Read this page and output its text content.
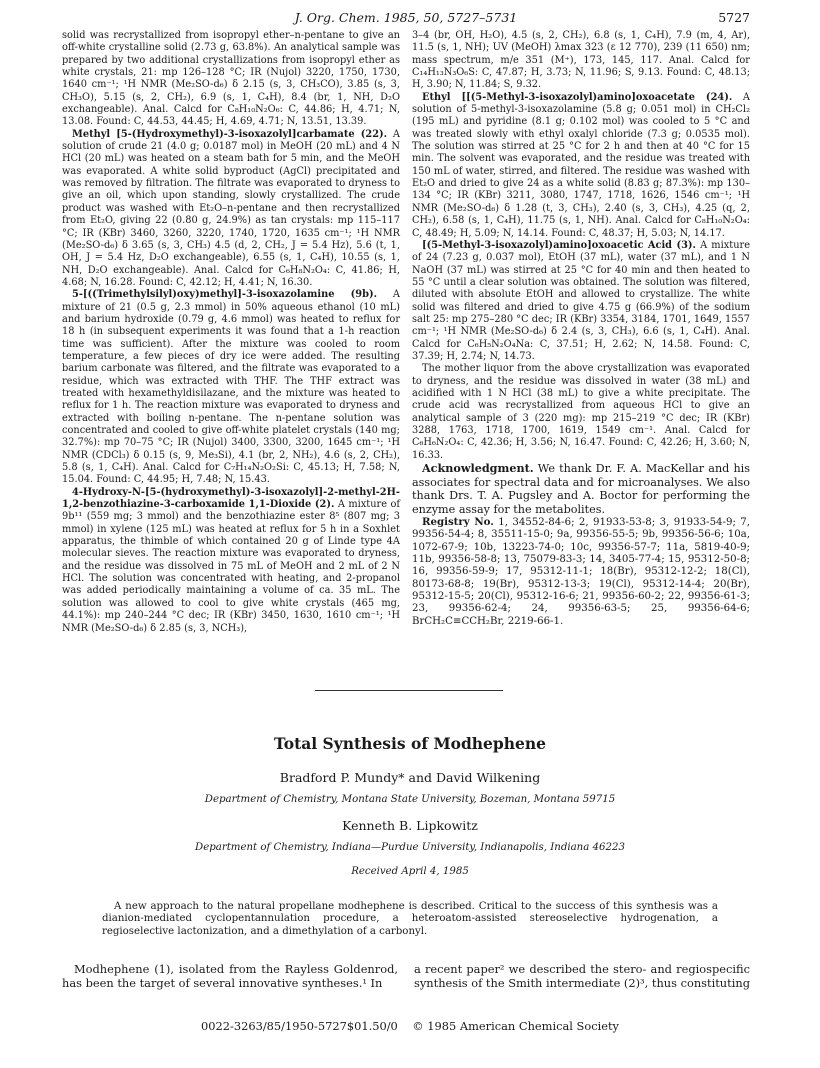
J. Org. Chem. 1985, 50, 5727–5731	5727

solid was recrystallized from isopropyl ether–n-pentane to give an off-white crystalline solid (2.73 g, 63.8%). An analytical sample was prepared by two additional crystallizations from isopropyl ether as white crystals, 21: mp 126–128 °C; IR (Nujol) 3220, 1750, 1730, 1640 cm⁻¹; ¹H NMR (Me₂SO-d₆) δ 2.15 (s, 3, CH₃CO), 3.85 (s, 3, CH₃O), 5.15 (s, 2, CH₂), 6.9 (s, 1, C₄H), 8.4 (br, 1, NH, D₂O exchangeable). Anal. Calcd for C₈H₁₀N₂O₆: C, 44.86; H, 4.71; N, 13.08. Found: C, 44.53, 44.45; H, 4.69, 4.71; N, 13.51, 13.39.

Methyl [5-(Hydroxymethyl)-3-isoxazolyl]carbamate (22). A solution of crude 21 (4.0 g; 0.0187 mol) in MeOH (20 mL) and 4 N HCl (20 mL) was heated on a steam bath for 5 min, and the MeOH was evaporated. A white solid byproduct (AgCl) precipitated and was removed by filtration. The filtrate was evaporated to dryness to give an oil, which upon standing, slowly crystallized. The crude product was washed with Et₂O–n-pentane and then recrystallized from Et₂O, giving 22 (0.80 g, 24.9%) as tan crystals: mp 115–117 °C; IR (KBr) 3460, 3260, 3220, 1740, 1720, 1635 cm⁻¹; ¹H NMR (Me₂SO-d₆) δ 3.65 (s, 3, CH₃) 4.5 (d, 2, CH₂, J = 5.4 Hz), 5.6 (t, 1, OH, J = 5.4 Hz, D₂O exchangeable), 6.55 (s, 1, C₄H), 10.55 (s, 1, NH, D₂O exchangeable). Anal. Calcd for C₆H₈N₂O₄: C, 41.86; H, 4.68; N, 16.28. Found: C, 42.12; H, 4.41; N, 16.30.

5-[((Trimethylsilyl)oxy)methyl]-3-isoxazolamine (9b). A mixture of 21 (0.5 g, 2.3 mmol) in 50% aqueous ethanol (10 mL) and barium hydroxide (0.79 g, 4.6 mmol) was heated to reflux for 18 h (in subsequent experiments it was found that a 1-h reaction time was sufficient). After the mixture was cooled to room temperature, a few pieces of dry ice were added. The resulting barium carbonate was filtered, and the filtrate was evaporated to a residue, which was extracted with THF. The THF extract was treated with hexamethyldisilazane, and the mixture was heated to reflux for 1 h. The reaction mixture was evaporated to dryness and extracted with boiling n-pentane. The n-pentane solution was concentrated and cooled to give off-white platelet crystals (140 mg; 32.7%): mp 70–75 °C; IR (Nujol) 3400, 3300, 3200, 1645 cm⁻¹; ¹H NMR (CDCl₃) δ 0.15 (s, 9, Me₃Si), 4.1 (br, 2, NH₂), 4.6 (s, 2, CH₂), 5.8 (s, 1, C₄H). Anal. Calcd for C₇H₁₄N₂O₂Si: C, 45.13; H, 7.58; N, 15.04. Found: C, 44.95; H, 7.48; N, 15.43.

4-Hydroxy-N-[5-(hydroxymethyl)-3-isoxazolyl]-2-methyl-2H-1,2-benzothiazine-3-carboxamide 1,1-Dioxide (2). A mixture of 9b¹¹ (559 mg; 3 mmol) and the benzothiazine ester 8⁵ (807 mg; 3 mmol) in xylene (125 mL) was heated at reflux for 5 h in a Soxhlet apparatus, the thimble of which contained 20 g of Linde type 4A molecular sieves. The reaction mixture was evaporated to dryness, and the residue was dissolved in 75 mL of MeOH and 2 mL of 2 N HCl. The solution was concentrated with heating, and 2-propanol was added periodically maintaining a volume of ca. 35 mL. The solution was allowed to cool to give white crystals (465 mg, 44.1%): mp 240–244 °C dec; IR (KBr) 3450, 1630, 1610 cm⁻¹; ¹H NMR (Me₂SO-d₆) δ 2.85 (s, 3, NCH₃),

3–4 (br, OH, H₂O), 4.5 (s, 2, CH₂), 6.8 (s, 1, C₄H), 7.9 (m, 4, Ar), 11.5 (s, 1, NH); UV (MeOH) λmax 323 (ε 12 770), 239 (11 650) nm; mass spectrum, m/e 351 (M⁺), 173, 145, 117. Anal. Calcd for C₁₄H₁₃N₃O₆S: C, 47.87; H, 3.73; N, 11.96; S, 9.13. Found: C, 48.13; H, 3.90; N, 11.84; S, 9.32.

Ethyl [[(5-Methyl-3-isoxazolyl)amino]oxoacetate (24). A solution of 5-methyl-3-isoxazolamine (5.8 g; 0.051 mol) in CH₂Cl₂ (195 mL) and pyridine (8.1 g; 0.102 mol) was cooled to 5 °C and was treated slowly with ethyl oxalyl chloride (7.3 g; 0.0535 mol). The solution was stirred at 25 °C for 2 h and then at 40 °C for 15 min. The solvent was evaporated, and the residue was treated with 150 mL of water, stirred, and filtered. The residue was washed with Et₂O and dried to give 24 as a white solid (8.83 g; 87.3%): mp 130–134 °C; IR (KBr) 3211, 3080, 1747, 1718, 1626, 1546 cm⁻¹; ¹H NMR (Me₂SO-d₆) δ 1.28 (t, 3, CH₃), 2.40 (s, 3, CH₃), 4.25 (q, 2, CH₂), 6.58 (s, 1, C₄H), 11.75 (s, 1, NH). Anal. Calcd for C₈H₁₀N₂O₄: C, 48.49; H, 5.09; N, 14.14. Found: C, 48.37; H, 5.03; N, 14.17.

[(5-Methyl-3-isoxazolyl)amino]oxoacetic Acid (3). A mixture of 24 (7.23 g, 0.037 mol), EtOH (37 mL), water (37 mL), and 1 N NaOH (37 mL) was stirred at 25 °C for 40 min and then heated to 55 °C until a clear solution was obtained. The solution was filtered, diluted with absolute EtOH and allowed to crystallize. The white solid was filtered and dried to give 4.75 g (66.9%) of the sodium salt 25: mp 275–280 °C dec; IR (KBr) 3354, 3184, 1701, 1649, 1557 cm⁻¹; ¹H NMR (Me₂SO-d₆) δ 2.4 (s, 3, CH₃), 6.6 (s, 1, C₄H). Anal. Calcd for C₆H₅N₂O₄Na: C, 37.51; H, 2.62; N, 14.58. Found: C, 37.39; H, 2.74; N, 14.73.

The mother liquor from the above crystallization was evaporated to dryness, and the residue was dissolved in water (38 mL) and acidified with 1 N HCl (38 mL) to give a white precipitate. The crude acid was recrystallized from aqueous HCl to give an analytical sample of 3 (220 mg): mp 215–219 °C dec; IR (KBr) 3288, 1763, 1718, 1700, 1619, 1549 cm⁻¹. Anal. Calcd for C₆H₆N₂O₄: C, 42.36; H, 3.56; N, 16.47. Found: C, 42.26; H, 3.60; N, 16.33.

Acknowledgment. We thank Dr. F. A. MacKellar and his associates for spectral data and for microanalyses. We also thank Drs. T. A. Pugsley and A. Boctor for performing the enzyme assay for the metabolites.

Registry No. 1, 34552-84-6; 2, 91933-53-8; 3, 91933-54-9; 7, 99356-54-4; 8, 35511-15-0; 9a, 99356-55-5; 9b, 99356-56-6; 10a, 1072-67-9; 10b, 13223-74-0; 10c, 99356-57-7; 11a, 5819-40-9; 11b, 99356-58-8; 13, 75079-83-3; 14, 3405-77-4; 15, 95312-50-8; 16, 99356-59-9; 17, 95312-11-1; 18(Br), 95312-12-2; 18(Cl), 80173-68-8; 19(Br), 95312-13-3; 19(Cl), 95312-14-4; 20(Br), 95312-15-5; 20(Cl), 95312-16-6; 21, 99356-60-2; 22, 99356-61-3; 23, 99356-62-4; 24, 99356-63-5; 25, 99356-64-6; BrCH₂C≡CCH₂Br, 2219-66-1.

Total Synthesis of Modhephene
Bradford P. Mundy* and David Wilkening
Department of Chemistry, Montana State University, Bozeman, Montana 59715
Kenneth B. Lipkowitz
Department of Chemistry, Indiana—Purdue University, Indianapolis, Indiana 46223
Received April 4, 1985

A new approach to the natural propellane modhephene is described. Critical to the success of this synthesis was a dianion-mediated cyclopentannulation procedure, a heteroatom-assisted stereoselective hydrogenation, a regioselective lactonization, and a dimethylation of a carbonyl.

Modhephene (1), isolated from the Rayless Goldenrod, has been the target of several innovative syntheses.¹ In

a recent paper² we described the stero- and regiospecific synthesis of the Smith intermediate (2)³, thus constituting

0022-3263/85/1950-5727$01.50/0 © 1985 American Chemical Society
